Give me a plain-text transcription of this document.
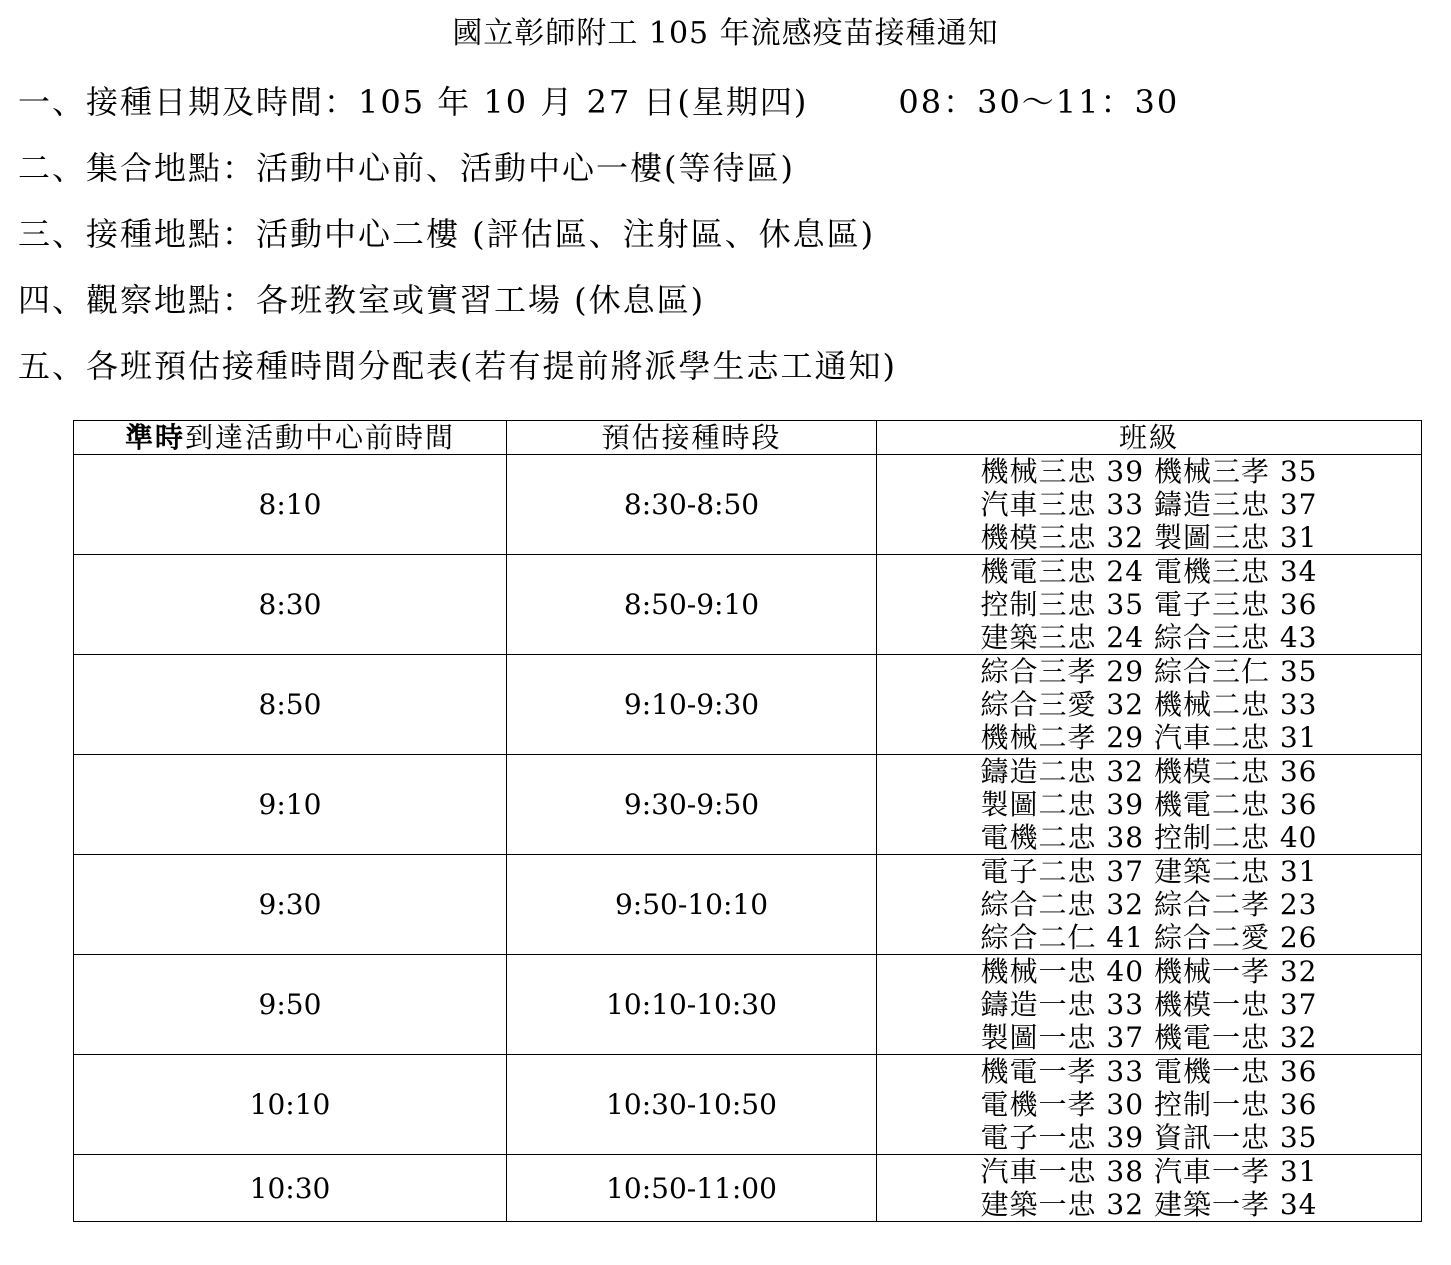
國立彰師附工 105 年流感疫苗接種通知
一、接種日期及時間：105 年 10 月 27 日(星期四)	08：30～11：30
二、集合地點：活動中心前、活動中心一樓(等待區)
三、接種地點：活動中心二樓 (評估區、注射區、休息區)
四、觀察地點：各班教室或實習工場 (休息區)
五、各班預估接種時間分配表(若有提前將派學生志工通知)
準時到達活動中心前時間	預估接種時段	班級
8:10	8:30-8:50	機械三忠 39 機械三孝 35
汽車三忠 33 鑄造三忠 37
機模三忠 32 製圖三忠 31

8:30	8:50-9:10	機電三忠 24 電機三忠 34
控制三忠 35 電子三忠 36
建築三忠 24 綜合三忠 43

8:50	9:10-9:30	綜合三孝 29 綜合三仁 35
綜合三愛 32 機械二忠 33
機械二孝 29 汽車二忠 31

9:10	9:30-9:50	鑄造二忠 32 機模二忠 36
製圖二忠 39 機電二忠 36
電機二忠 38 控制二忠 40

9:30	9:50-10:10	電子二忠 37 建築二忠 31
綜合二忠 32 綜合二孝 23
綜合二仁 41 綜合二愛 26

9:50	10:10-10:30	機械一忠 40 機械一孝 32
鑄造一忠 33 機模一忠 37
製圖一忠 37 機電一忠 32

10:10	10:30-10:50	機電一孝 33 電機一忠 36
電機一孝 30 控制一忠 36
電子一忠 39 資訊一忠 35

10:30	10:50-11:00	汽車一忠 38 汽車一孝 31
建築一忠 32 建築一孝 34
